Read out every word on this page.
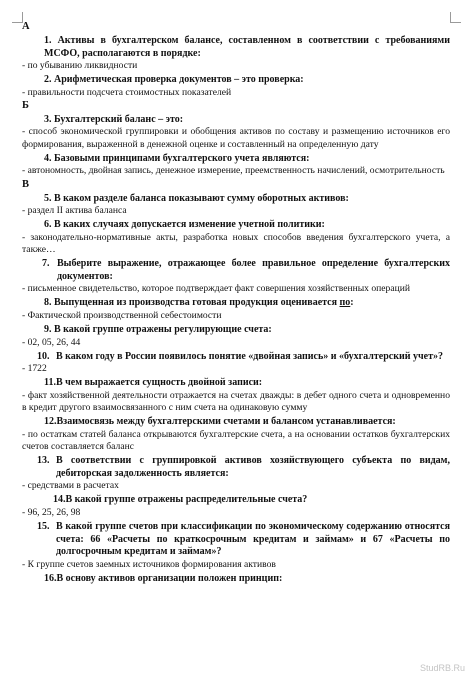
А
1. Активы в бухгалтерском балансе, составленном в соответствии с требованиями МСФО, располагаются в порядке:
- по убыванию ликвидности
2. Арифметическая проверка документов – это проверка:
- правильности подсчета стоимостных показателей
Б
3. Бухгалтерский баланс – это:
- способ экономической группировки и обобщения активов по составу и размещению источников его формирования, выраженной в денежной оценке и составленный на определенную дату
4. Базовыми принципами бухгалтерского учета являются:
- автономность, двойная запись, денежное измерение, преемственность начислений, осмотрительность
В
5. В каком разделе баланса показывают сумму оборотных активов:
- раздел II актива баланса
6. В каких случаях допускается изменение учетной политики:
- законодательно-нормативные акты, разработка новых способов введения бухгалтерского учета, а также…
7. Выберите выражение, отражающее более правильное определение бухгалтерских документов:
- письменное свидетельство, которое подтверждает факт совершения хозяйственных операций
8. Выпущенная из производства готовая продукция оценивается по:
- Фактической производственной себестоимости
9. В какой группе отражены регулирующие счета:
- 02, 05, 26, 44
10. В каком году в России появилось понятие «двойная запись» и «бухгалтерский учет»?
- 1722
11.В чем выражается сущность двойной записи:
- факт хозяйственной деятельности отражается на счетах дважды: в дебет одного счета и одновременно в кредит другого взаимосвязанного с ним счета на одинаковую сумму
12.Взаимосвязь между бухгалтерскими счетами и балансом устанавливается:
- по остаткам статей баланса открываются бухгалтерские счета, а на основании остатков бухгалтерских счетов составляется баланс
13. В соответствии с группировкой активов хозяйствующего субъекта по видам, дебиторская задолженность является:
- средствами в расчетах
14.В какой группе отражены распределительные счета?
- 96, 25, 26, 98
15. В какой группе счетов при классификации по экономическому содержанию относятся счета: 66 «Расчеты по краткосрочным кредитам и займам» и 67 «Расчеты по долгосрочным кредитам и займам»?
- К группе счетов заемных источников формирования активов
16.В основу активов организации положен принцип:
StudRB.Ru
